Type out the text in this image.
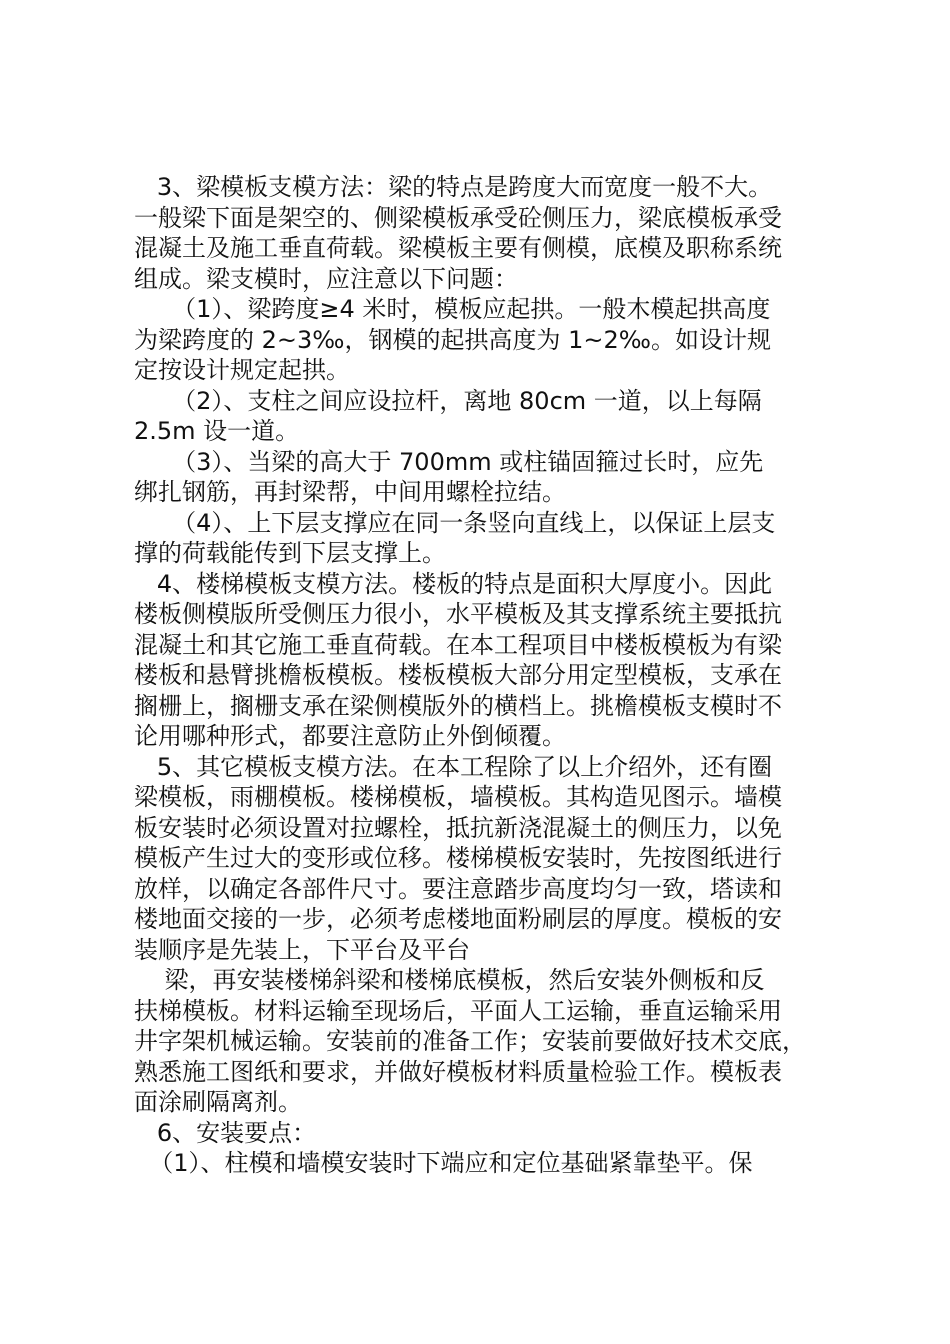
3、梁模板支模方法：梁的特点是跨度大而宽度一般不大。
一般梁下面是架空的、侧梁模板承受砼侧压力，梁底模板承受
混凝土及施工垂直荷载。梁模板主要有侧模，底模及职称系统
组成。梁支模时，应注意以下问题：
（1）、梁跨度≥4 米时，模板应起拱。一般木模起拱高度
为梁跨度的 2~3‰，钢模的起拱高度为 1~2‰。如设计规
定按设计规定起拱。
（2）、支柱之间应设拉杆，离地 80cm 一道，以上每隔
2.5m 设一道。
（3）、当梁的高大于 700mm 或柱锚固箍过长时，应先
绑扎钢筋，再封梁帮，中间用螺栓拉结。
（4）、上下层支撑应在同一条竖向直线上，以保证上层支
撑的荷载能传到下层支撑上。
4、楼梯模板支模方法。楼板的特点是面积大厚度小。因此
楼板侧模版所受侧压力很小，水平模板及其支撑系统主要抵抗
混凝土和其它施工垂直荷载。在本工程项目中楼板模板为有梁
楼板和悬臂挑檐板模板。楼板模板大部分用定型模板，支承在
搁栅上，搁栅支承在梁侧模版外的横档上。挑檐模板支模时不
论用哪种形式，都要注意防止外倒倾覆。
5、其它模板支模方法。在本工程除了以上介绍外，还有圈
梁模板，雨棚模板。楼梯模板，墙模板。其构造见图示。墙模
板安装时必须设置对拉螺栓，抵抗新浇混凝土的侧压力，以免
模板产生过大的变形或位移。楼梯模板安装时，先按图纸进行
放样，以确定各部件尺寸。要注意踏步高度均匀一致，塔读和
楼地面交接的一步，必须考虑楼地面粉刷层的厚度。模板的安
装顺序是先装上，下平台及平台
梁，再安装楼梯斜梁和楼梯底模板，然后安装外侧板和反
扶梯模板。材料运输至现场后，平面人工运输，垂直运输采用
井字架机械运输。安装前的准备工作；安装前要做好技术交底，
熟悉施工图纸和要求，并做好模板材料质量检验工作。模板表
面涂刷隔离剂。
6、安装要点：
（1）、柱模和墙模安装时下端应和定位基础紧靠垫平。保
